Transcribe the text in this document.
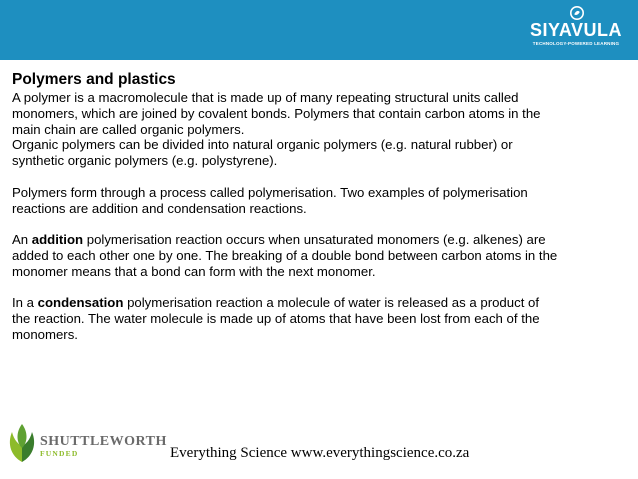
SIYAVULA
TECHNOLOGY-POWERED LEARNING
Polymers and plastics

A polymer is a macromolecule that is made up of many repeating structural units called

monomers, which are joined by covalent bonds. Polymers that contain carbon atoms in the

main chain are called organic polymers.

Organic polymers can be divided into natural organic polymers (e.g. natural rubber) or

synthetic organic polymers (e.g. polystyrene).

Polymers form through a process called polymerisation. Two examples of polymerisation

reactions are addition and condensation reactions.

An addition polymerisation reaction occurs when unsaturated monomers (e.g. alkenes) are

added to each other one by one. The breaking of a double bond between carbon atoms in the

monomer means that a bond can form with the next monomer.

In a condensation polymerisation reaction a molecule of water is released as a product of

the reaction. The water molecule is made up of atoms that have been lost from each of the

monomers.

SHUTTLEWORTH
FUNDED	Everything Science www.everythingscience.co.za
